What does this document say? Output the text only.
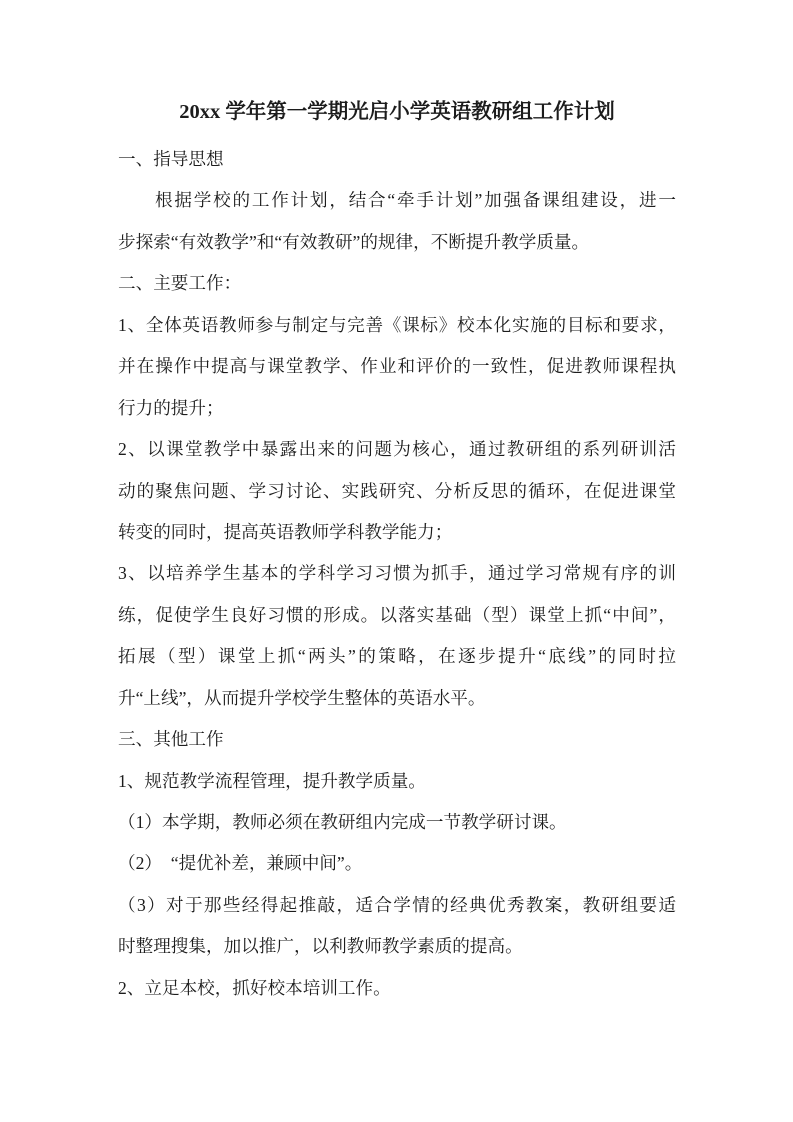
20xx 学年第一学期光启小学英语教研组工作计划
一、指导思想
根据学校的工作计划，结合“牵手计划”加强备课组建设，进一
步探索“有效教学”和“有效教研”的规律，不断提升教学质量。
二、主要工作：
1、全体英语教师参与制定与完善《课标》校本化实施的目标和要求，
并在操作中提高与课堂教学、作业和评价的一致性，促进教师课程执
行力的提升；
2、以课堂教学中暴露出来的问题为核心，通过教研组的系列研训活
动的聚焦问题、学习讨论、实践研究、分析反思的循环，在促进课堂
转变的同时，提高英语教师学科教学能力；
3、以培养学生基本的学科学习习惯为抓手，通过学习常规有序的训
练，促使学生良好习惯的形成。以落实基础（型）课堂上抓“中间”，
拓展（型）课堂上抓“两头”的策略，在逐步提升“底线”的同时拉
升“上线”，从而提升学校学生整体的英语水平。
三、其他工作
1、规范教学流程管理，提升教学质量。
（1）本学期，教师必须在教研组内完成一节教学研讨课。
（2）　“提优补差，兼顾中间”。
（3）对于那些经得起推敲，适合学情的经典优秀教案，教研组要适
时整理搜集，加以推广，以利教师教学素质的提高。
2、立足本校，抓好校本培训工作。
